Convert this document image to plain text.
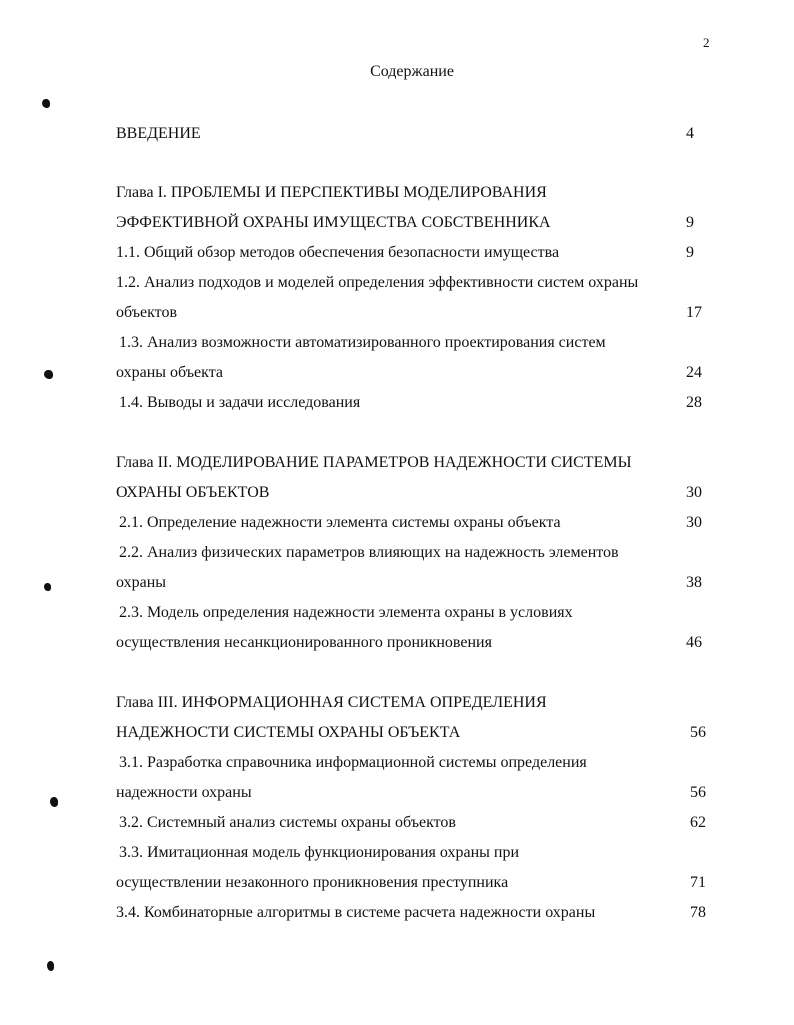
2
Содержание
ВВЕДЕНИЕ	4
Глава I. ПРОБЛЕМЫ И ПЕРСПЕКТИВЫ МОДЕЛИРОВАНИЯ
ЭФФЕКТИВНОЙ ОХРАНЫ ИМУЩЕСТВА СОБСТВЕННИКА	9
1.1. Общий обзор методов обеспечения безопасности имущества	9
1.2. Анализ подходов и моделей определения эффективности систем охраны
объектов	17
1.3. Анализ возможности автоматизированного проектирования систем
охраны объекта	24
1.4. Выводы и задачи исследования	28
Глава II. МОДЕЛИРОВАНИЕ ПАРАМЕТРОВ НАДЕЖНОСТИ СИСТЕМЫ
ОХРАНЫ ОБЪЕКТОВ	30
2.1. Определение надежности элемента системы охраны объекта	30
2.2. Анализ физических параметров влияющих на надежность элементов
охраны	38
2.3. Модель определения надежности элемента охраны в условиях
осуществления несанкционированного проникновения	46
Глава III. ИНФОРМАЦИОННАЯ СИСТЕМА ОПРЕДЕЛЕНИЯ
НАДЕЖНОСТИ СИСТЕМЫ ОХРАНЫ ОБЪЕКТА	56
3.1. Разработка справочника информационной системы определения
надежности охраны	56
3.2. Системный анализ системы охраны объектов	62
3.3. Имитационная модель функционирования охраны при
осуществлении незаконного проникновения преступника	71
3.4. Комбинаторные алгоритмы в системе расчета надежности охраны	78
